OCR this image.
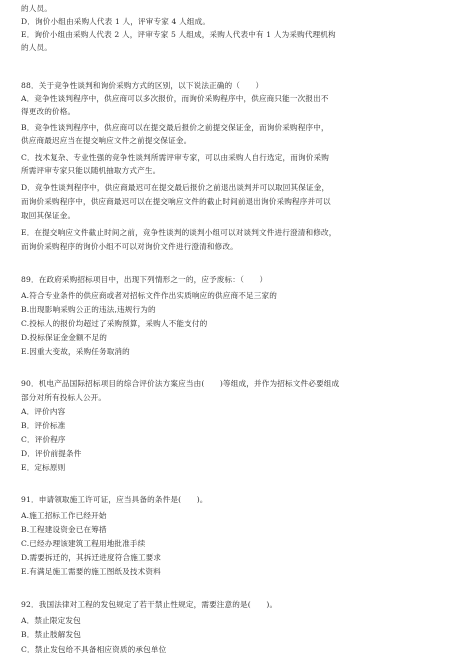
的人员。
D．询价小组由采购人代表 1 人，评审专家 4 人组成。
E．询价小组由采购人代表 2 人，评审专家 5 人组成，采购人代表中有 1 人为采购代理机构
的人员。
88．关于竞争性谈判和询价采购方式的区别，以下说法正确的（　　）
A．竞争性谈判程序中，供应商可以多次报价，而询价采购程序中，供应商只能一次报出不
得更改的价格。
B．竞争性谈判程序中，供应商可以在提交最后报价之前提交保证金，而询价采购程序中，
供应商最迟应当在提交响应文件之前提交保证金。
C．技术复杂、专业性强的竞争性谈判所需评审专家，可以由采购人自行选定，而询价采购
所需评审专家只能以随机抽取方式产生。
D．竞争性谈判程序中，供应商最迟可在提交最后报价之前退出谈判并可以取回其保证金，
而询价采购程序中，供应商最迟可以在提交响应文件的截止时间前退出询价采购程序并可以
取回其保证金。
E．在提交响应文件截止时间之前，竞争性谈判的谈判小组可以对谈判文件进行澄清和修改，
而询价采购程序的询价小组不可以对询价文件进行澄清和修改。
89．在政府采购招标项目中，出现下列情形之一的，应予废标：（　　）
A.符合专业条件的供应商或者对招标文件作出实质响应的供应商不足三家的
B.出现影响采购公正的违法,违规行为的
C.投标人的报价均超过了采购预算，采购人不能支付的
D.投标保证金金额不足的
E.因重大变故，采购任务取消的
90．机电产品国际招标项目的综合评价法方案应当由(　　)等组成，并作为招标文件必要组成
部分对所有投标人公开。
A．评价内容
B．评价标准
C．评价程序
D．评价前提条件
E．定标原则
91．申请领取施工许可证，应当具备的条件是(　　)。
A.施工招标工作已经开始
B.工程建设资金已在筹措
C.已经办理该建筑工程用地批准手续
D.需要拆迁的，其拆迁进度符合施工要求
E.有满足施工需要的施工图纸及技术资料
92．我国法律对工程的发包规定了若干禁止性规定，需要注意的是(　　)。
A．禁止限定发包
B．禁止肢解发包
C．禁止发包给不具备相应资质的承包单位
